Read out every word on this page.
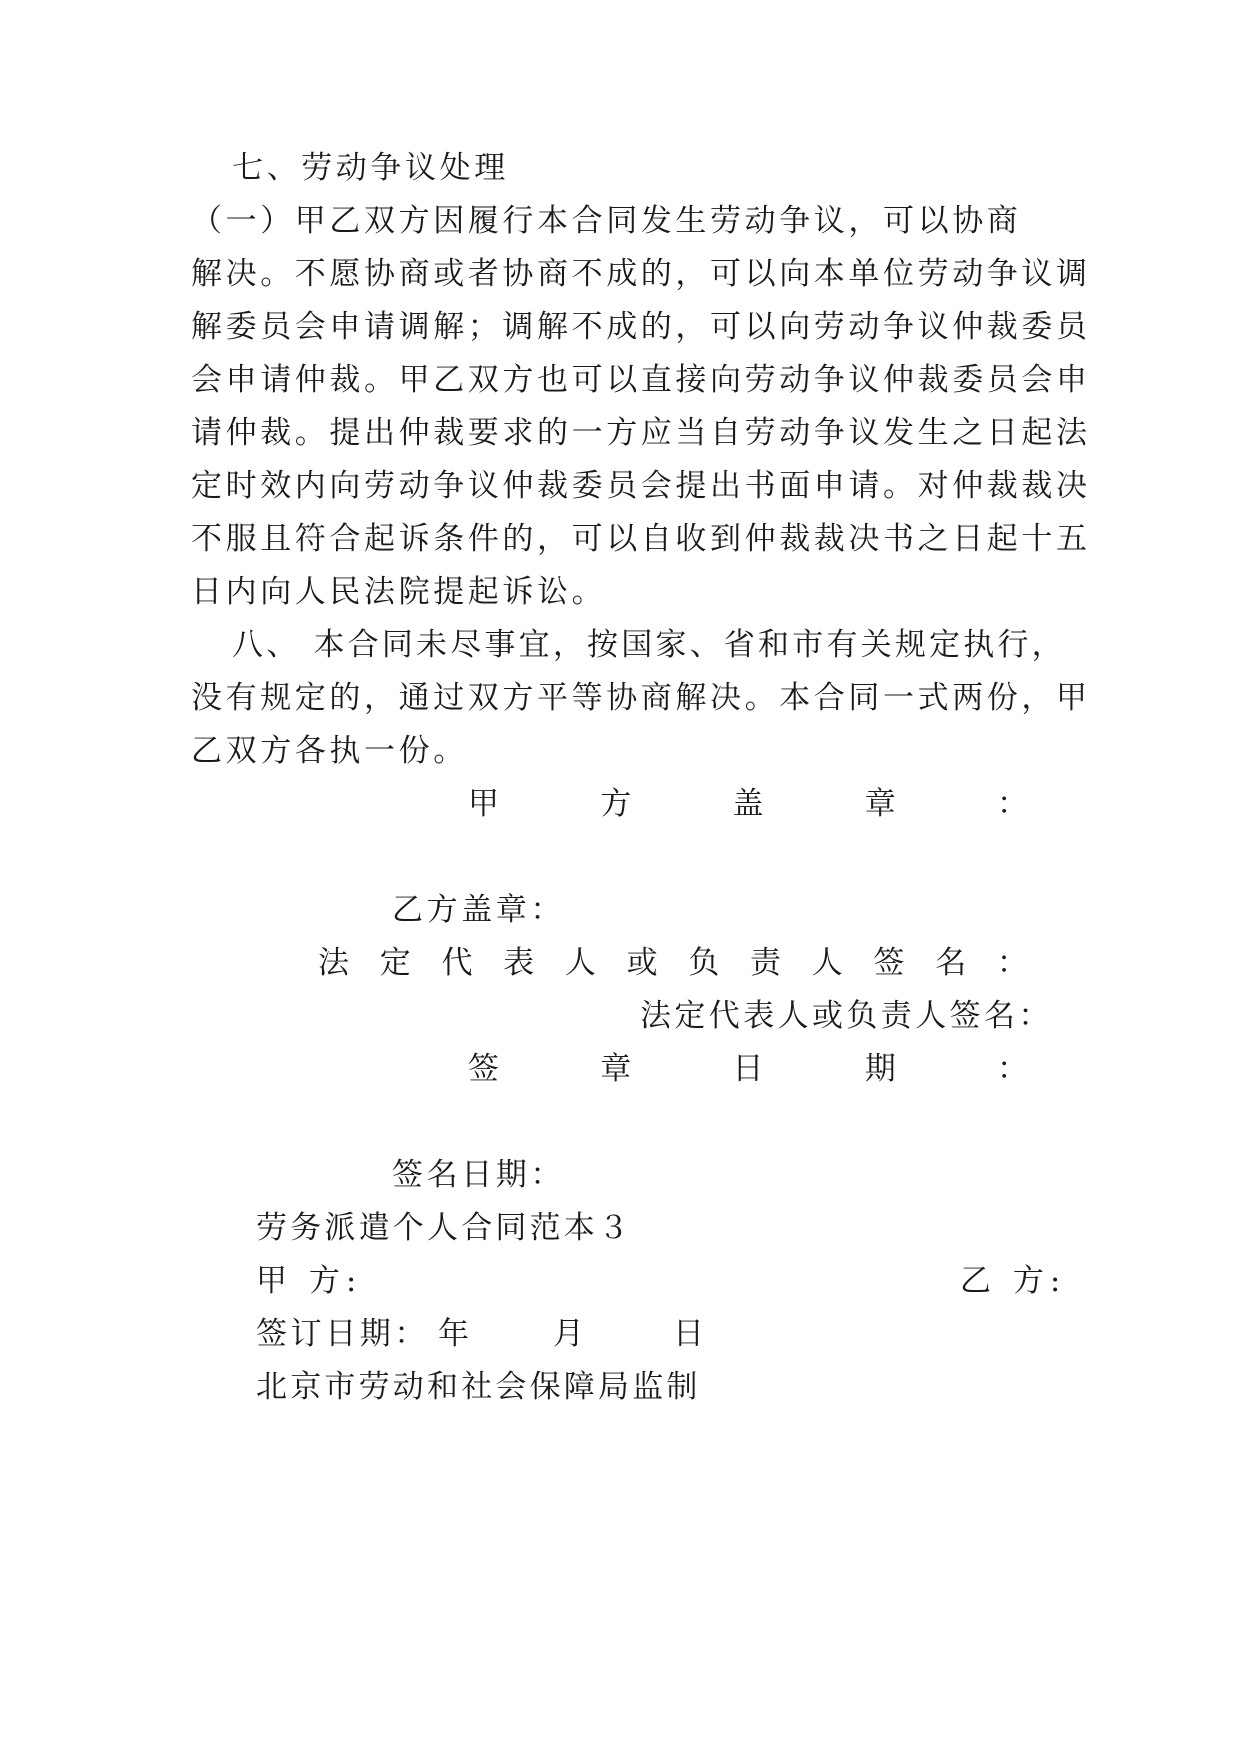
七、劳动争议处理
（一）甲乙双方因履行本合同发生劳动争议，可以协商
解决。不愿协商或者协商不成的，可以向本单位劳动争议调
解委员会申请调解；调解不成的，可以向劳动争议仲裁委员
会申请仲裁。甲乙双方也可以直接向劳动争议仲裁委员会申
请仲裁。提出仲裁要求的一方应当自劳动争议发生之日起法
定时效内向劳动争议仲裁委员会提出书面申请。对仲裁裁决
不服且符合起诉条件的，可以自收到仲裁裁决书之日起十五
日内向人民法院提起诉讼。
八、 本合同未尽事宜，按国家、省和市有关规定执行，
没有规定的，通过双方平等协商解决。本合同一式两份，甲
乙双方各执一份。
甲	方	盖	章	：
乙方盖章：
法 定 代 表 人 或 负 责 人 签 名 ：
法定代表人或负责人签名：
签	章	日	期	：
签名日期：
劳务派遣个人合同范本３
甲 方:	乙 方:
签订日期： 年	月	日
北京市劳动和社会保障局监制
